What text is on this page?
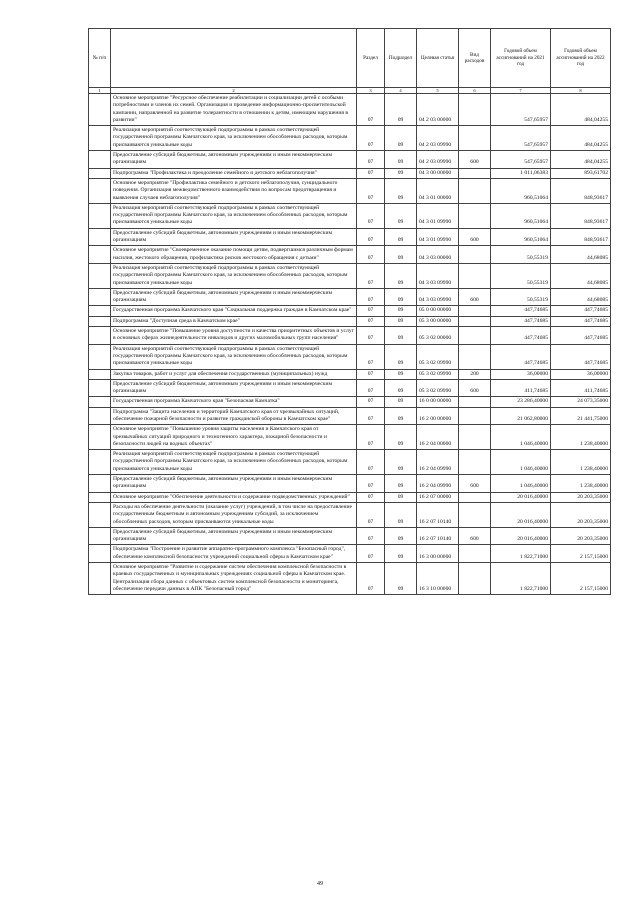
№ п/п		Раздел	Подраздел	Целевая статья	Вид расходов	Годовой объем ассигнований на 2021 год	Годовой объем ассигнований на 2022 год
1	2	3	4	5	6	7	8
	Основное мероприятие "Ресурсное обеспечение реабилитации и социализации детей с особыми потребностями и членов их семей. Организация и проведение информационно-просветительской кампании, направленной на развитие толерантности в отношении к детям, имеющим нарушения в развитии"	07	09	04 2 03 00000		547,65957	484,04255
	Реализация мероприятий соответствующей подпрограммы в рамках соответствующей государственной программы Камчатского края, за исключением обособленных расходов, которым присваиваются уникальные коды	07	09	04 2 03 09990		547,65957	484,04255
	Предоставление субсидий бюджетным, автономным учреждениям и иным некоммерческим организациям	07	09	04 2 03 09990	600	547,65957	484,04255
	Подпрограмма "Профилактика и преодоление семейного и детского неблагополучия"	07	09	04 3 00 00000		1 011,06383	893,61702
	Основное мероприятие "Профилактика семейного и детского неблагополучия, суицидального поведения. Организация межведомственного взаимодействия по вопросам предотвращения и выявления случаев неблагополучия"	07	09	04 3 01 00000		960,51064	848,93617
	Реализация мероприятий соответствующей подпрограммы в рамках соответствующей государственной программы Камчатского края, за исключением обособленных расходов, которым присваиваются уникальные коды	07	09	04 3 01 09990		960,51064	848,93617
	Предоставление субсидий бюджетным, автономным учреждениям и иным некоммерческим организациям	07	09	04 3 01 09990	600	960,51064	848,93617
	Основное мероприятие "Своевременное оказание помощи детям, подвергшимся различным формам насилия, жестокого обращения, профилактика рисков жестокого обращения с детьми"	07	09	04 3 03 00000		50,55319	44,68085
	Реализация мероприятий соответствующей подпрограммы в рамках соответствующей государственной программы Камчатского края, за исключением обособленных расходов, которым присваиваются уникальные коды	07	09	04 3 03 09990		50,55319	44,68085
	Предоставление субсидий бюджетным, автономным учреждениям и иным некоммерческим организациям	07	09	04 3 03 09990	600	50,55319	44,68085
	Государственная программа Камчатского края "Социальная поддержка граждан в Камчатском крае"	07	09	05 0 00 00000		447,74685	447,74685
	Подпрограмма "Доступная среда в Камчатском крае"	07	09	05 3 00 00000		447,74685	447,74685
	Основное мероприятие "Повышение уровня доступности и качества приоритетных объектов и услуг в основных сферах жизнедеятельности инвалидов и других маломобильных групп населения"	07	09	05 3 02 00000		447,74685	447,74685
	Реализация мероприятий соответствующей подпрограммы в рамках соответствующей государственной программы Камчатского края, за исключением обособленных расходов, которым присваиваются уникальные коды	07	09	05 3 02 09990		447,74685	447,74685
	Закупка товаров, работ и услуг для обеспечения государственных (муниципальных) нужд	07	09	05 3 02 09990	200	36,00000	36,00000
	Предоставление субсидий бюджетным, автономным учреждениям и иным некоммерческим организациям	07	09	05 3 02 09990	600	411,74685	411,74685
	Государственная программа Камчатского края "Безопасная Камчатка"	07	09	16 0 00 00000		23 286,40000	24 073,35000
	Подпрограмма "Защита населения и территорий Камчатского края от чрезвычайных ситуаций, обеспечение пожарной безопасности и развитие гражданской обороны в Камчатском крае"	07	09	16 2 00 00000		21 062,80000	21 441,75000
	Основное мероприятие "Повышение уровня защиты населения и Камчатского края от чрезвычайных ситуаций природного и техногенного характера, пожарной безопасности и безопасности людей на водных объектах"	07	09	16 2 04 00000		1 046,40000	1 238,40000
	Реализация мероприятий соответствующей подпрограммы в рамках соответствующей государственной программы Камчатского края, за исключением обособленных расходов, которым присваиваются уникальные коды	07	09	16 2 04 09990		1 046,40000	1 238,40000
	Предоставление субсидий бюджетным, автономным учреждениям и иным некоммерческим организациям	07	09	16 2 04 09990	600	1 046,40000	1 238,40000
	Основное мероприятие "Обеспечение деятельности и содержание подведомственных учреждений"	07	09	16 2 07 00000		20 016,40000	20 203,35000
	Расходы на обеспечение деятельности (оказание услуг) учреждений, в том числе на предоставление государственным бюджетным и автономным учреждениям субсидий, за исключением обособленных расходов, которым присваиваются уникальные коды	07	09	16 2 07 10140		20 016,40000	20 203,35000
	Предоставление субсидий бюджетным, автономным учреждениям и иным некоммерческим организациям	07	09	16 2 07 10140	600	20 016,40000	20 203,35000
	Подпрограмма "Построение и развитие аппаратно-программного комплекса "Безопасный город", обеспечение комплексной безопасности учреждений социальной сферы в Камчатском крае"	07	09	16 3 00 00000		1 822,71000	2 157,15000
	Основное мероприятие "Развитие и содержание систем обеспечения комплексной безопасности в краевых государственных и муниципальных учреждениях социальной сферы в Камчатском крае. Централизация сбора данных с объектовых систем комплексной безопасности и мониторинга, обеспечение передачи данных в АПК "Безопасный город"	07	09	16 3 10 00000		1 822,71000	2 157,15000
49
